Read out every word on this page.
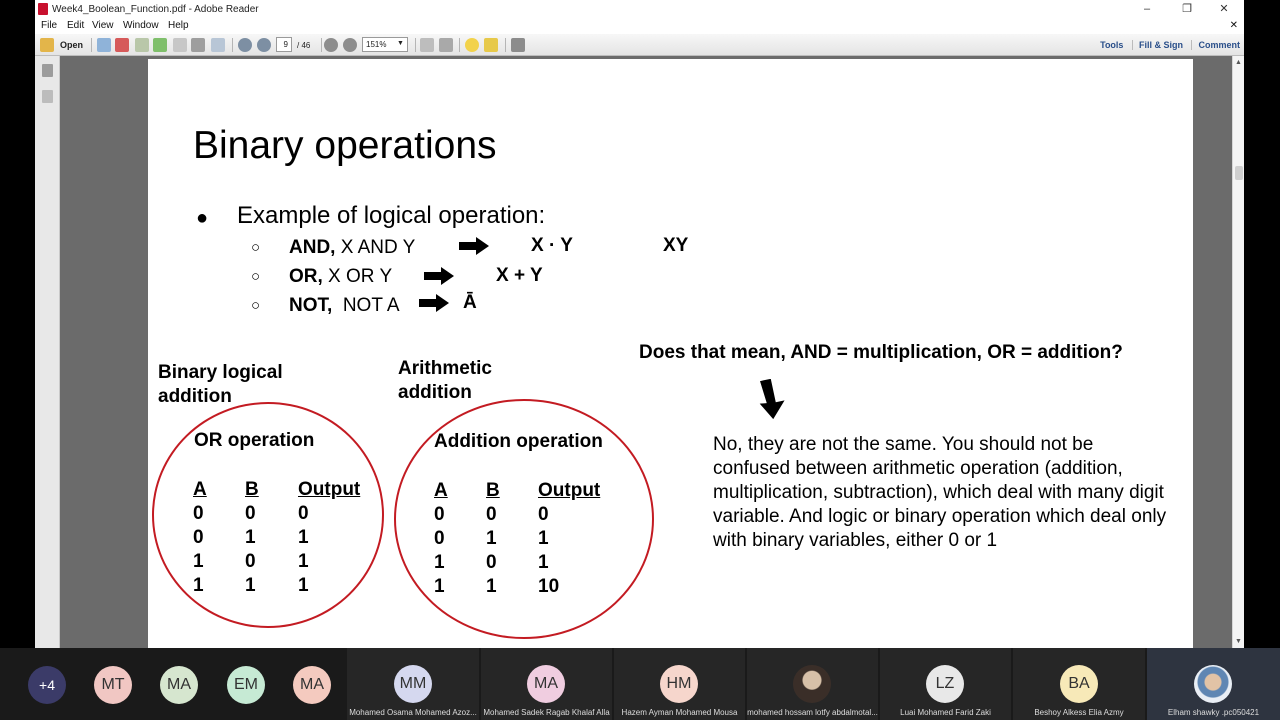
Week4_Boolean_Function.pdf - Adobe Reader	–	❐	✕
File Edit View Window Help	✕
Open	9	/ 46	151%	▼	Tools Fill & Sign Comment
Binary operations
● Example of logical operation:
○ AND, X AND Y	X · Y	XY
○ OR, X OR Y	X + Y
○ NOT,  NOT A	Ā
Binary logical
addition
Arithmetic
addition
Does that mean, AND = multiplication, OR = addition?
No, they are not the same. You should not be confused between arithmetic operation (addition, multiplication, subtraction), which deal with many digit variable. And logic or binary operation which deal only with binary variables, either 0 or 1
OR operation
A B Output
0 0 0
0 1 1
1 0 1
1 1 1
Addition operation
A B Output
0 0 0
0 1 1
1 0 1
1 1 10
▲
▼
+4	MT	MA	EM	MA	MM
Mohamed Osama Mohamed Azoz...
MA
Mohamed Sadek Ragab Khalaf Alla
HM
Hazem Ayman Mohamed Mousa	mohamed hossam lotfy abdalmotal...
LZ
Luai Mohamed Farid Zaki
BA
Beshoy Alkess Elia Azmy	Elham shawky .pc050421
